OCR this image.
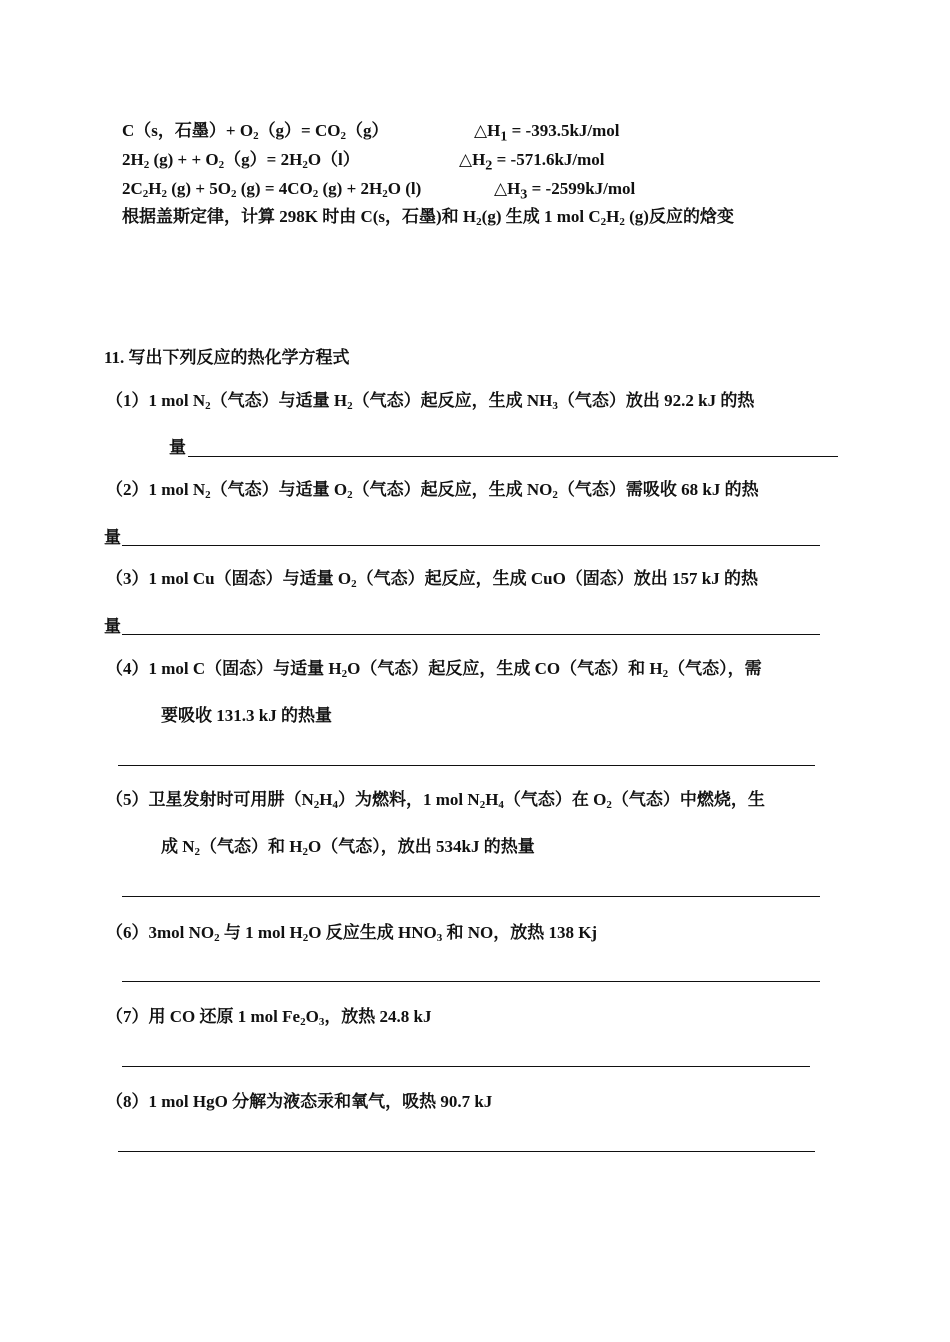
C（s，石墨）+ $O_2(g)= CO_2(g)$	$\triangle H_1 = -393.5kJ/mol$
$2H_2$ (g) + + $O_2(g)= 2H_2O(l)$	$\triangle H_2 = -571.6kJ/mol$
$2C_2H_2$ $(g) + 5O_2$ $(g) = 4CO_2$ $(g) + 2H_2O$ (l)	$\triangle H_3 = -2599kJ/mol$
根据盖斯定律，计算 298K 时由 C(s，石墨)和 $H_2(g)$ 生成 1 mol $C_2H_2$ (g)反应的焓变
11. 写出下列反应的热化学方程式
（1）1 mol $N_2$（气态）与适量 $H_2$（气态）起反应，生成 $NH_3$（气态）放出 92.2 kJ 的热
量
（2）1 mol $N_2$（气态）与适量 $O_2$（气态）起反应，生成 $NO_2$（气态）需吸收 68 kJ 的热
量
（3）1 mol Cu（固态）与适量 $O_2$（气态）起反应，生成 CuO（固态）放出 157 kJ 的热
量
（4）1 mol C（固态）与适量 $H_2O$（气态）起反应，生成 CO（气态）和 $H_2$（气态），需
要吸收 131.3 kJ 的热量
（5）卫星发射时可用肼$(N_2H_4)$为燃料，1 mol $N_2H_4$（气态）在 $O_2$（气态）中燃烧，生
成 $N_2$（气态）和 $H_2O$（气态），放出 534kJ 的热量
（6）3mol $NO_2$ 与 1 mol $H_2O$ 反应生成 $HNO_3$ 和 NO，放热 138 Kj
（7）用 CO 还原 1 mol $Fe_2O_3$，放热 24.8 kJ
（8）1 mol HgO 分解为液态汞和氧气，吸热 90.7 kJ
